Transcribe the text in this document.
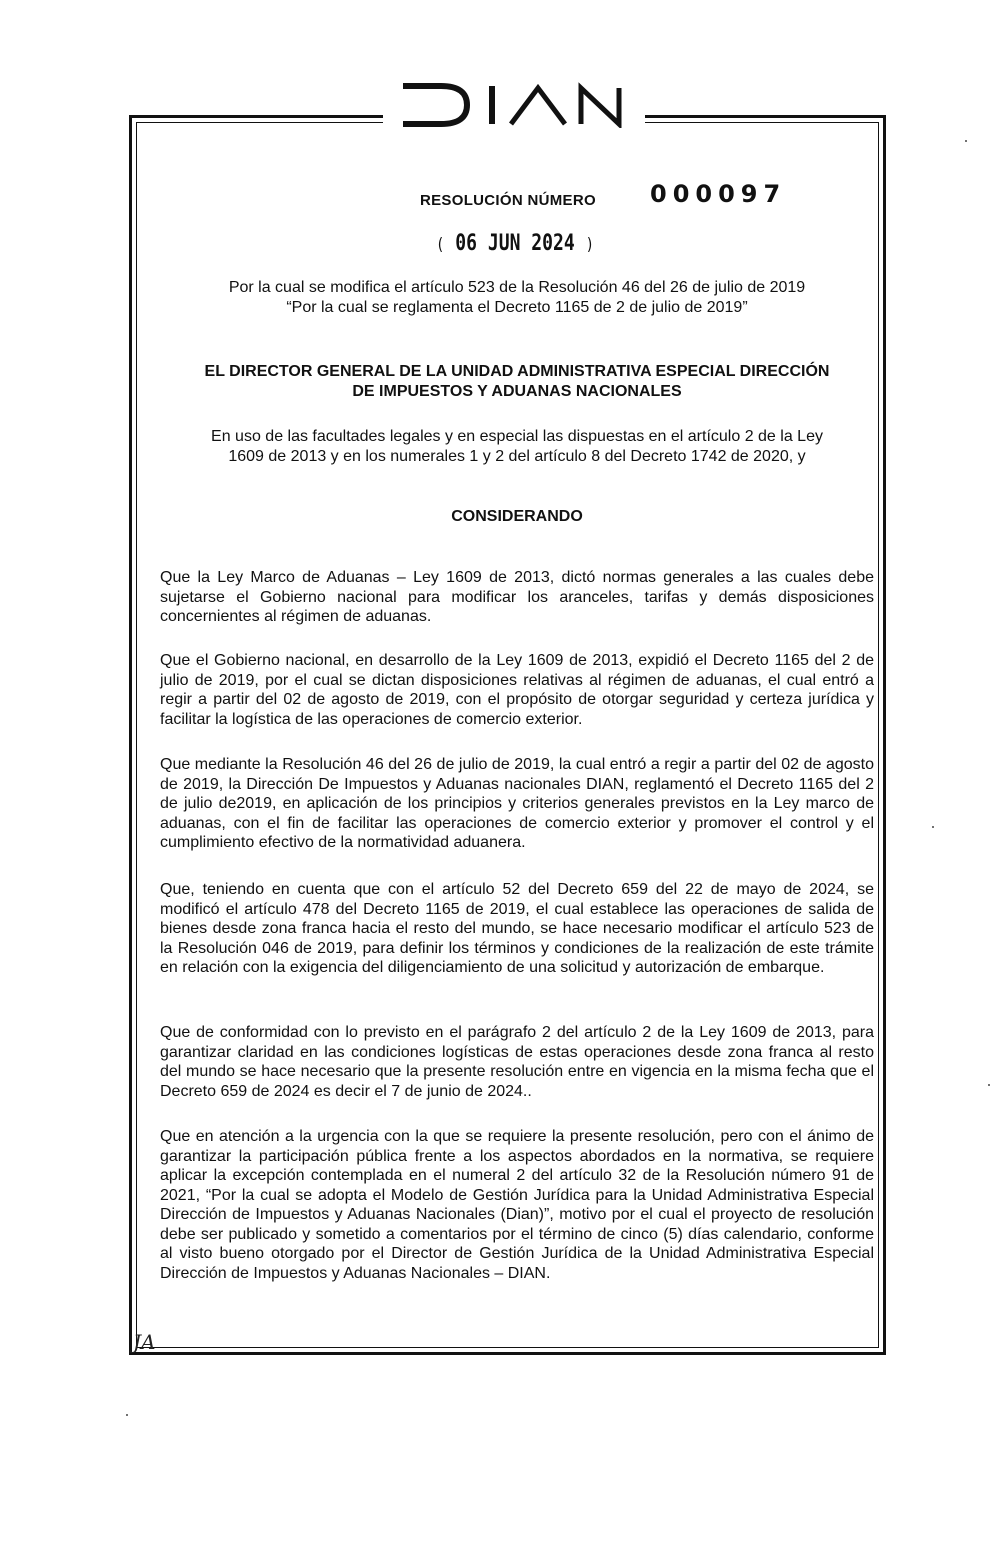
RESOLUCIÓN NÚMERO 000097
( 06 JUN 2024 )
Por la cual se modifica el artículo 523 de la Resolución 46 del 26 de julio de 2019
“Por la cual se reglamenta el Decreto 1165 de 2 de julio de 2019”
EL DIRECTOR GENERAL DE LA UNIDAD ADMINISTRATIVA ESPECIAL DIRECCIÓN
DE IMPUESTOS Y ADUANAS NACIONALES
En uso de las facultades legales y en especial las dispuestas en el artículo 2 de la Ley
1609 de 2013 y en los numerales 1 y 2 del artículo 8 del Decreto 1742 de 2020, y
CONSIDERANDO
Que la Ley Marco de Aduanas – Ley 1609 de 2013, dictó normas generales a las cuales debe sujetarse el Gobierno nacional para modificar los aranceles, tarifas y demás disposiciones concernientes al régimen de aduanas.
Que el Gobierno nacional, en desarrollo de la Ley 1609 de 2013, expidió el Decreto 1165 del 2 de julio de 2019, por el cual se dictan disposiciones relativas al régimen de aduanas, el cual entró a regir a partir del 02 de agosto de 2019, con el propósito de otorgar seguridad y certeza jurídica y facilitar la logística de las operaciones de comercio exterior.
Que mediante la Resolución 46 del 26 de julio de 2019, la cual entró a regir a partir del 02 de agosto de 2019, la Dirección De Impuestos y Aduanas nacionales DIAN, reglamentó el Decreto 1165 del 2 de julio de2019, en aplicación de los principios y criterios generales previstos en la Ley marco de aduanas, con el fin de facilitar las operaciones de comercio exterior y promover el control y el cumplimiento efectivo de la normatividad aduanera.
Que, teniendo en cuenta que con el artículo 52 del Decreto 659 del 22 de mayo de 2024, se modificó el artículo 478 del Decreto 1165 de 2019, el cual establece las operaciones de salida de bienes desde zona franca hacia el resto del mundo, se hace necesario modificar el artículo 523 de la Resolución 046 de 2019, para definir los términos y condiciones de la realización de este trámite en relación con la exigencia del diligenciamiento de una solicitud y autorización de embarque.
Que de conformidad con lo previsto en el parágrafo 2 del artículo 2 de la Ley 1609 de 2013, para garantizar claridad en las condiciones logísticas de estas operaciones desde zona franca al resto del mundo se hace necesario que la presente resolución entre en vigencia en la misma fecha que el Decreto 659 de 2024 es decir el 7 de junio de 2024..
Que en atención a la urgencia con la que se requiere la presente resolución, pero con el ánimo de garantizar la participación pública frente a los aspectos abordados en la normativa, se requiere aplicar la excepción contemplada en el numeral 2 del artículo 32 de la Resolución número 91 de 2021, “Por la cual se adopta el Modelo de Gestión Jurídica para la Unidad Administrativa Especial Dirección de Impuestos y Aduanas Nacionales (Dian)”, motivo por el cual el proyecto de resolución debe ser publicado y sometido a comentarios por el término de cinco (5) días calendario, conforme al visto bueno otorgado por el Director de Gestión Jurídica de la Unidad Administrativa Especial Dirección de Impuestos y Aduanas Nacionales – DIAN.
JA
